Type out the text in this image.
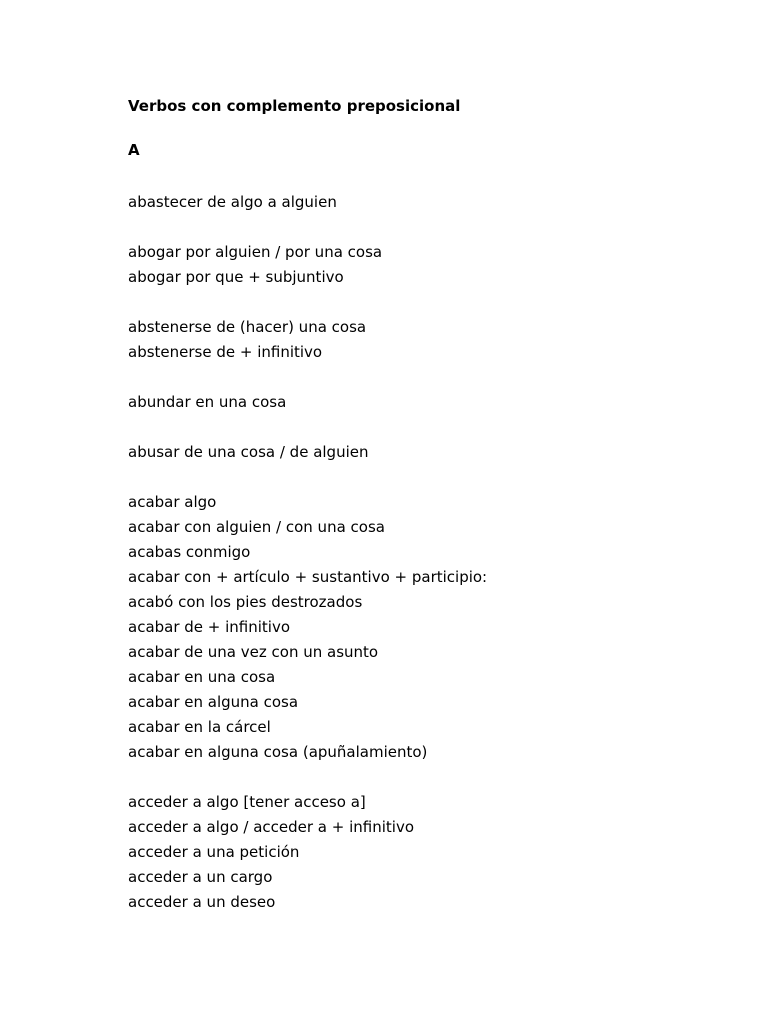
Verbos con complemento preposicional
A
abastecer de algo a alguien
abogar por alguien / por una cosa
abogar por que + subjuntivo
abstenerse de (hacer) una cosa
abstenerse de + infinitivo
abundar en una cosa
abusar de una cosa / de alguien
acabar algo
acabar con alguien / con una cosa
acabas conmigo
acabar con + artículo + sustantivo + participio:
acabó con los pies destrozados
acabar de + infinitivo
acabar de una vez con un asunto
acabar en una cosa
acabar en alguna cosa
acabar en la cárcel
acabar en alguna cosa (apuñalamiento)
acceder a algo [tener acceso a]
acceder a algo / acceder a + infinitivo
acceder a una petición
acceder a un cargo
acceder a un deseo
